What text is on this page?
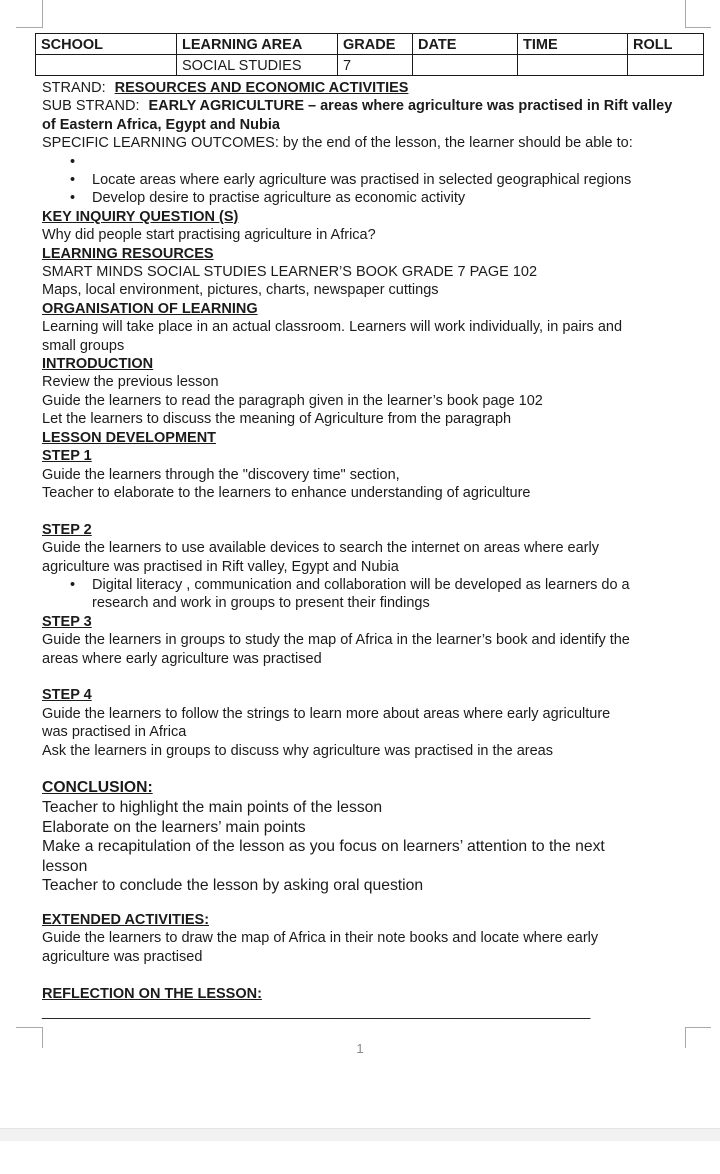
SCHOOL	LEARNING AREA	GRADE	DATE	TIME	ROLL
	SOCIAL STUDIES	7			
STRAND: RESOURCES AND ECONOMIC ACTIVITIES
SUB STRAND: EARLY AGRICULTURE – areas where agriculture was practised in Rift valley
of Eastern Africa, Egypt and Nubia
SPECIFIC LEARNING OUTCOMES: by the end of the lesson, the learner should be able to:
•
• Locate areas where early agriculture was practised in selected geographical regions
• Develop desire to practise agriculture as economic activity
KEY INQUIRY QUESTION (S)
Why did people start practising agriculture in Africa?
LEARNING RESOURCES
SMART MINDS SOCIAL STUDIES LEARNER’S BOOK GRADE 7 PAGE 102
Maps, local environment, pictures, charts, newspaper cuttings
ORGANISATION OF LEARNING
Learning will take place in an actual classroom. Learners will work individually, in pairs and
small groups
INTRODUCTION
Review the previous lesson
Guide the learners to read the paragraph given in the learner’s book page 102
Let the learners to discuss the meaning of Agriculture from the paragraph
LESSON DEVELOPMENT
STEP 1
Guide the learners through the "discovery time" section,
Teacher to elaborate to the learners to enhance understanding of agriculture
STEP 2
Guide the learners to use available devices to search the internet on areas where early
agriculture was practised in Rift valley, Egypt and Nubia
• Digital literacy , communication and collaboration will be developed as learners do a
research and work in groups to present their findings
STEP 3
Guide the learners in groups to study the map of Africa in the learner’s book and identify the
areas where early agriculture was practised
STEP 4
Guide the learners to follow the strings to learn more about areas where early agriculture
was practised in Africa
Ask the learners in groups to discuss why agriculture was practised in the areas
CONCLUSION:
Teacher to highlight the main points of the lesson
Elaborate on the learners’ main points
Make a recapitulation of the lesson as you focus on learners’ attention to the next
lesson
Teacher to conclude the lesson by asking oral question
EXTENDED ACTIVITIES:
Guide the learners to draw the map of Africa in their note books and locate where early
agriculture was practised
REFLECTION ON THE LESSON:
____________________________________________________________________
1
